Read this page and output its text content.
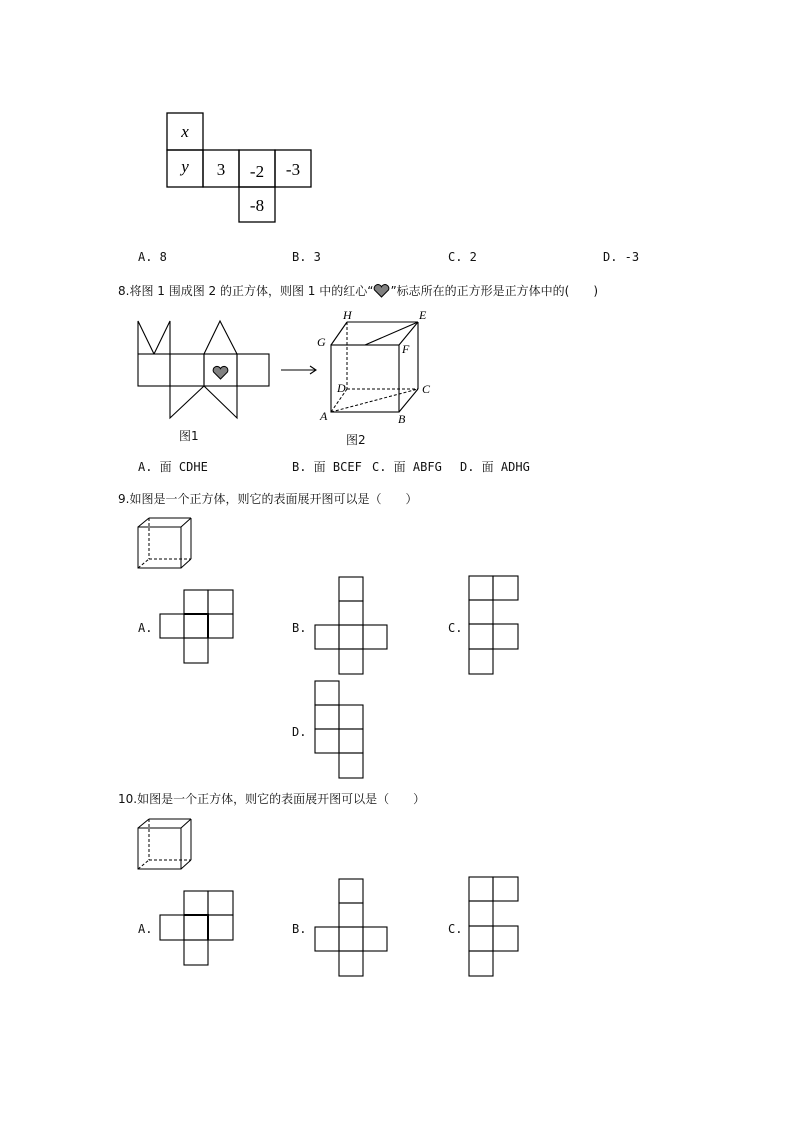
x
y 3 -2 -3
-8
A. 8	B. 3	C. 2	D. -3
8.将图 1 围成图 2 的正方体，则图 1 中的红心“ ”标志所在的正方形是正方体中的(　　)
H	E
G	F
D	C
A	B
图1	图2
A. 面 CDHE	B. 面 BCEF C. 面 ABFG D. 面 ADHG
9.如图是一个正方体，则它的表面展开图可以是（　　）
A.	B.	C.
D.
10.如图是一个正方体，则它的表面展开图可以是（　　）
A.	B.	C.
